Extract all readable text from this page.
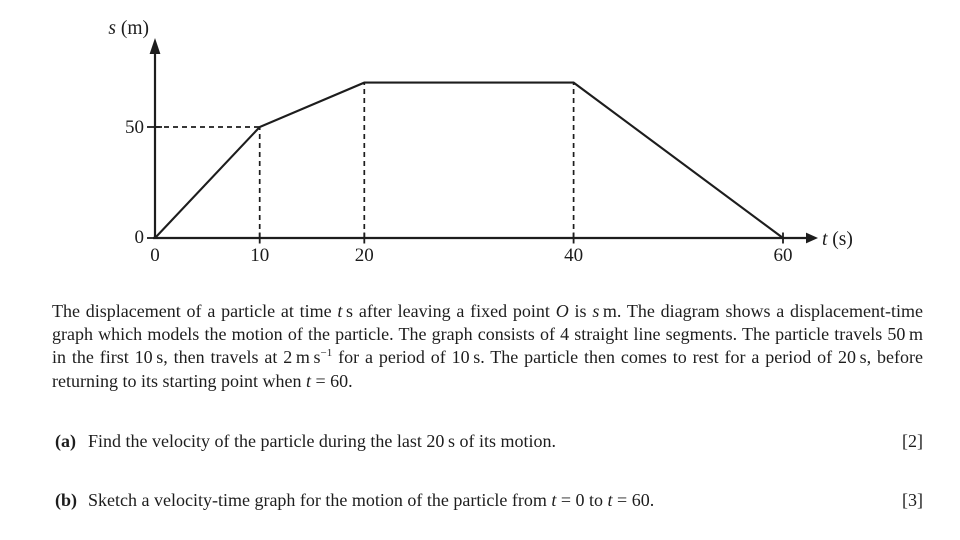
0	10	20	40	60
0
50
s (m)
t (s)

The displacement of a particle at time t s after leaving a fixed point O is s m. The diagram shows a displacement-time graph which models the motion of the particle. The graph consists of 4 straight line segments. The particle travels 50 m in the first 10 s, then travels at 2 m $s^{-1}$ for a period of 10 s. The particle then comes to rest for a period of 20 s, before returning to its starting point when t = 60.

(a) Find the velocity of the particle during the last 20 s of its motion.	[2]
(b) Sketch a velocity-time graph for the motion of the particle from t = 0 to t = 60.	[3]
